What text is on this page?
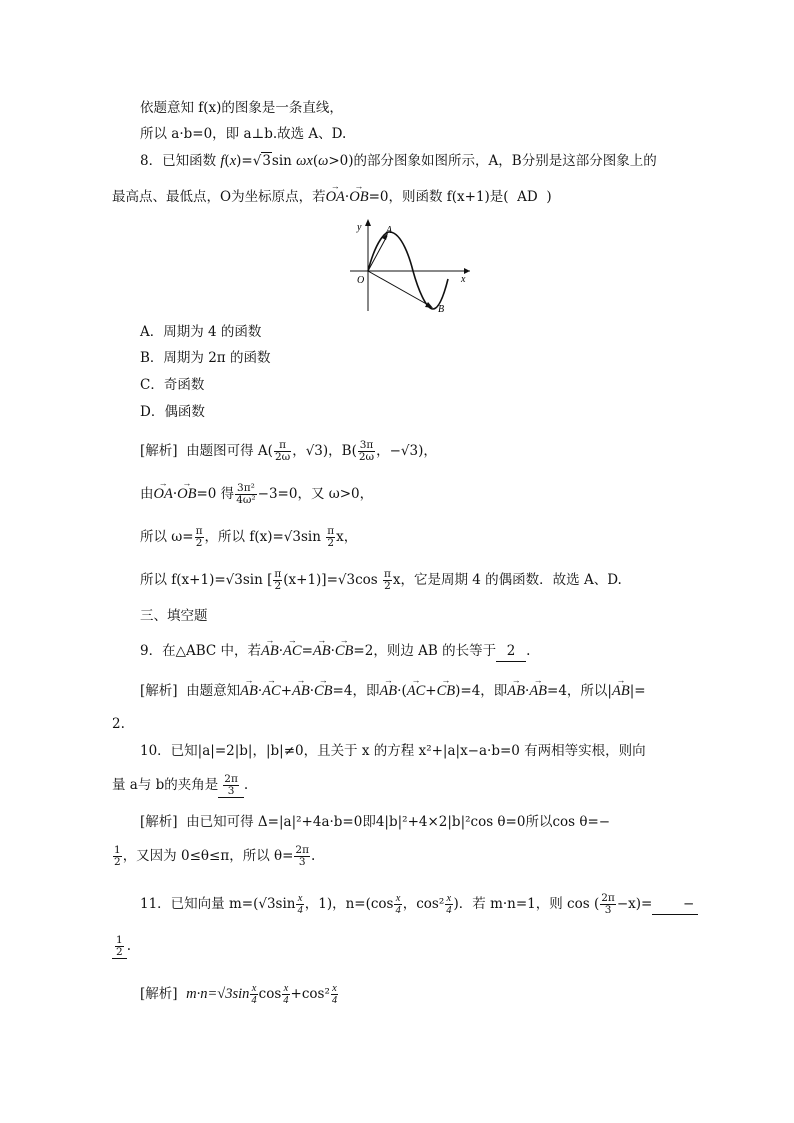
依题意知 f(x)的图象是一条直线，
所以 a·b=0，即 a⊥b.故选 A、D.
8．已知函数 f(x)=√3sin ωx(ω>0)的部分图象如图所示，A，B分别是这部分图象上的
最高点、最低点，O为坐标原点，若→ OA·→ OB=0，则函数 f(x+1)是( AD )
y
x
O
A
B
A．周期为 4 的函数
B．周期为 2π 的函数
C．奇函数
D．偶函数
[解析] 由题图可得 $A( \frac{\pi}{2\omega}$ ，√3)，$B( \frac{3\pi}{2\omega}$ ，−√3)，
由→ OA·→ OB=0 得 $\frac{\text{3π²}}{\text{4ω²}} -3=0$，又 ω>0，
所以 $\omega= \frac{\pi}{2}$ ，所以 $f(x)=√3\sin \frac{\pi}{2}$ x，
所以 f(x+1)=√3sin [ $\frac{\pi}{2} (x+1)]=√3\cos \frac{\pi}{2}$ x，它是周期 4 的偶函数．故选 A、D.
三、填空题
9．在△ABC 中，若→ AB·→ AC=→ AB·→ CB=2，则边 AB 的长等于 2 .
[解析] 由题意知→ AB·→ AC+→ AB·→ CB=4，即→ AB·(→ AC+→ CB)=4，即→ AB·→ AB=4，所以|→ AB|=
2.
10．已知|a|=2|b|，|b|≠0，且关于 x 的方程 x²+|a|x−a·b=0 有两相等实根，则向
量 a与 b的夹角是 $\frac{2\pi}{3}$ .
[解析] 由已知可得 Δ=|a|²+4a·b=0即4|b|²+4×2|b|²cos θ=0所以cos θ=−
$\frac{1}{2}$ ，又因为 0≤θ≤π，所以 $\theta= \frac{2\pi}{3}$ .
11．已知向量 $m=(√3\sin \frac{x}{4}$ ，1)，$n=(\cos \frac{x}{4}$ ，$\cos^2 \frac{x}{4}$ )．若 m·n=1，则 cos ( $\frac{2\pi}{3} -x)=$ −
$\frac{1}{2}$ .
[解析] $m\cdot n=√3\sin \frac{x}{4}$ $\cos \frac{x}{4} +\cos^2 \frac{x}{4}$
